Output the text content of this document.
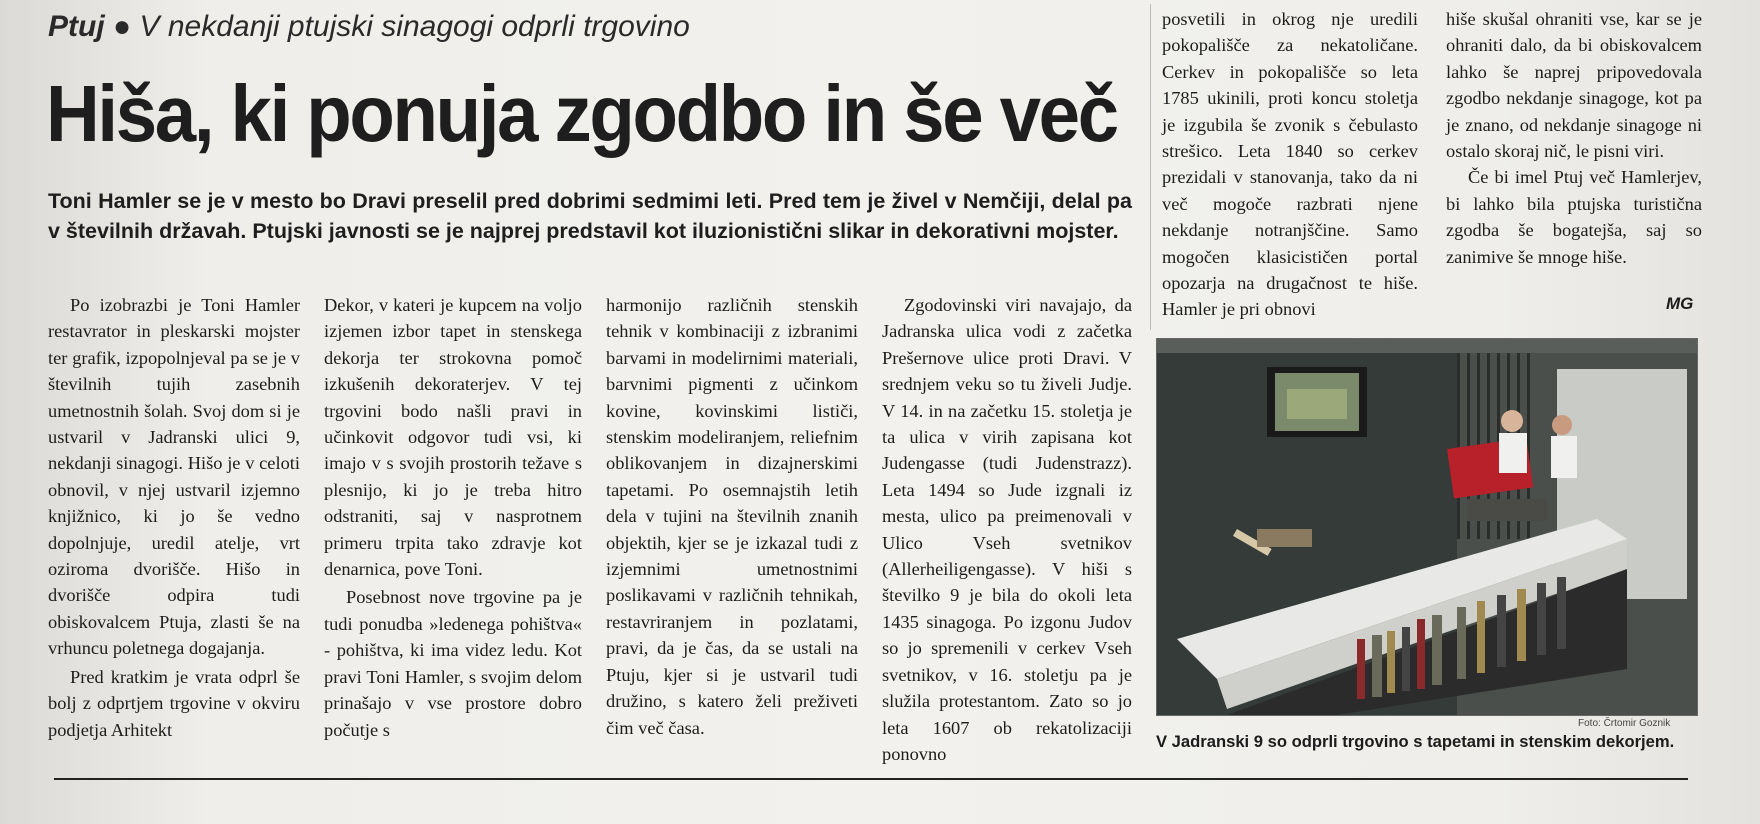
Ptuj ● V nekdanji ptujski sinagogi odprli trgovino
Hiša, ki ponuja zgodbo in še več
Toni Hamler se je v mesto bo Dravi preselil pred dobrimi sedmimi leti. Pred tem je živel v Nemčiji, delal pa v številnih državah. Ptujski javnosti se je najprej predstavil kot iluzionistični slikar in dekorativni mojster.

Po izobrazbi je Toni Hamler restavrator in pleskarski mojster ter grafik, izpopolnjeval pa se je v številnih tujih zasebnih umetnostnih šolah. Svoj dom si je ustvaril v Jadranski ulici 9, nekdanji sinagogi. Hišo je v celoti obnovil, v njej ustvaril izjemno knjižnico, ki jo še vedno dopolnjuje, uredil atelje, vrt oziroma dvorišče. Hišo in dvorišče odpira tudi obiskovalcem Ptuja, zlasti še na vrhuncu poletnega dogajanja.

Pred kratkim je vrata odprl še bolj z odprtjem trgovine v okviru podjetja Arhitekt

Dekor, v kateri je kupcem na voljo izjemen izbor tapet in stenskega dekorja ter strokovna pomoč izkušenih dekoraterjev. V tej trgovini bodo našli pravi in učinkovit odgovor tudi vsi, ki imajo v s svojih prostorih težave s plesnijo, ki jo je treba hitro odstraniti, saj v nasprotnem primeru trpita tako zdravje kot denarnica, pove Toni.

Posebnost nove trgovine pa je tudi ponudba »ledenega pohištva« - pohištva, ki ima videz ledu. Kot pravi Toni Hamler, s svojim delom prinašajo v vse prostore dobro počutje s

harmonijo različnih stenskih tehnik v kombinaciji z izbranimi barvami in modelirnimi materiali, barvnimi pigmenti z učinkom kovine, kovinskimi lističi, stenskim modeliranjem, reliefnim oblikovanjem in dizajnerskimi tapetami. Po osemnajstih letih dela v tujini na številnih znanih objektih, kjer se je izkazal tudi z izjemnimi umetnostnimi poslikavami v različnih tehnikah, restavriranjem in pozlatami, pravi, da je čas, da se ustali na Ptuju, kjer si je ustvaril tudi družino, s katero želi preživeti čim več časa.

Zgodovinski viri navajajo, da Jadranska ulica vodi z začetka Prešernove ulice proti Dravi. V srednjem veku so tu živeli Judje. V 14. in na začetku 15. stoletja je ta ulica v virih zapisana kot Judengasse (tudi Judenstrazz). Leta 1494 so Jude izgnali iz mesta, ulico pa preimenovali v Ulico Vseh svetnikov (Allerheiligengasse). V hiši s številko 9 je bila do okoli leta 1435 sinagoga. Po izgonu Judov so jo spremenili v cerkev Vseh svetnikov, v 16. stoletju pa je služila protestantom. Zato so jo leta 1607 ob rekatolizaciji ponovno

posvetili in okrog nje uredili pokopališče za nekatoličane. Cerkev in pokopališče so leta 1785 ukinili, proti koncu stoletja je izgubila še zvonik s čebulasto strešico. Leta 1840 so cerkev prezidali v stanovanja, tako da ni več mogoče razbrati njene nekdanje notranjščine. Samo mogočen klasicističen portal opozarja na drugačnost te hiše. Hamler je pri obnovi

hiše skušal ohraniti vse, kar se je ohraniti dalo, da bi obiskovalcem lahko še naprej pripovedovala zgodbo nekdanje sinagoge, kot pa je znano, od nekdanje sinagoge ni ostalo skoraj nič, le pisni viri.

Če bi imel Ptuj več Hamlerjev, bi lahko bila ptujska turistična zgodba še bogatejša, saj so zanimive še mnoge hiše.

MG
Foto: Črtomir Goznik
V Jadranski 9 so odprli trgovino s tapetami in stenskim dekorjem.
